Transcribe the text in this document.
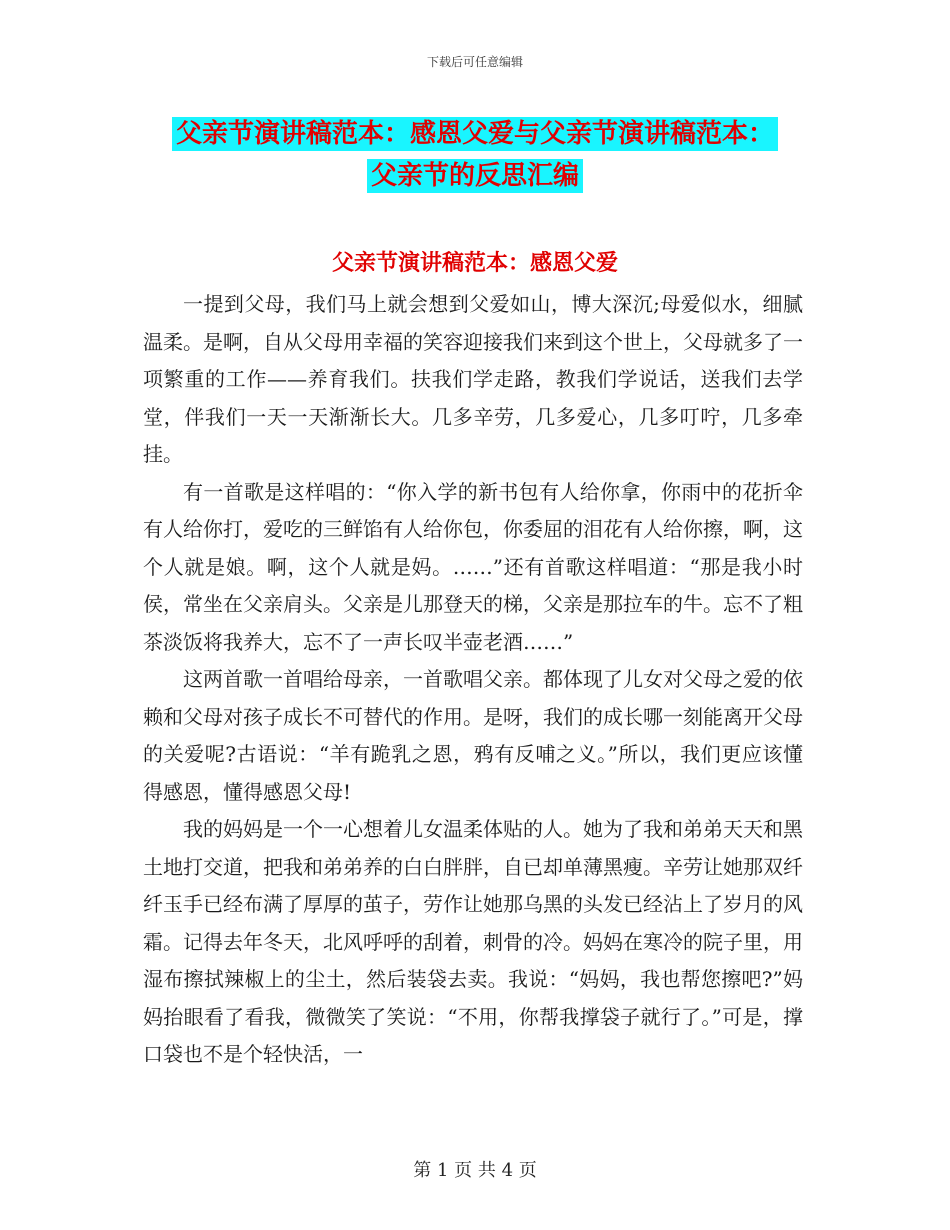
下载后可任意编辑
父亲节演讲稿范本：感恩父爱与父亲节演讲稿范本：
父亲节的反思汇编
父亲节演讲稿范本：感恩父爱

一提到父母，我们马上就会想到父爱如山，博大深沉;母爱似水，细腻温柔。是啊，自从父母用幸福的笑容迎接我们来到这个世上，父母就多了一项繁重的工作——养育我们。扶我们学走路，教我们学说话，送我们去学堂，伴我们一天一天渐渐长大。几多辛劳，几多爱心，几多叮咛，几多牵挂。

有一首歌是这样唱的：“你入学的新书包有人给你拿，你雨中的花折伞有人给你打，爱吃的三鲜馅有人给你包，你委屈的泪花有人给你擦，啊，这个人就是娘。啊，这个人就是妈。……”还有首歌这样唱道：“那是我小时侯，常坐在父亲肩头。父亲是儿那登天的梯，父亲是那拉车的牛。忘不了粗茶淡饭将我养大，忘不了一声长叹半壶老酒……”

这两首歌一首唱给母亲，一首歌唱父亲。都体现了儿女对父母之爱的依赖和父母对孩子成长不可替代的作用。是呀，我们的成长哪一刻能离开父母的关爱呢?古语说：“羊有跪乳之恩，鸦有反哺之义。”所以，我们更应该懂得感恩，懂得感恩父母!

我的妈妈是一个一心想着儿女温柔体贴的人。她为了我和弟弟天天和黑土地打交道，把我和弟弟养的白白胖胖，自已却单薄黑瘦。辛劳让她那双纤纤玉手已经布满了厚厚的茧子，劳作让她那乌黑的头发已经沾上了岁月的风霜。记得去年冬天，北风呼呼的刮着，刺骨的冷。妈妈在寒冷的院子里，用湿布擦拭辣椒上的尘土，然后装袋去卖。我说：“妈妈，我也帮您擦吧?”妈妈抬眼看了看我，微微笑了笑说：“不用，你帮我撑袋子就行了。”可是，撑口袋也不是个轻快活，一

第 1 页 共 4 页
